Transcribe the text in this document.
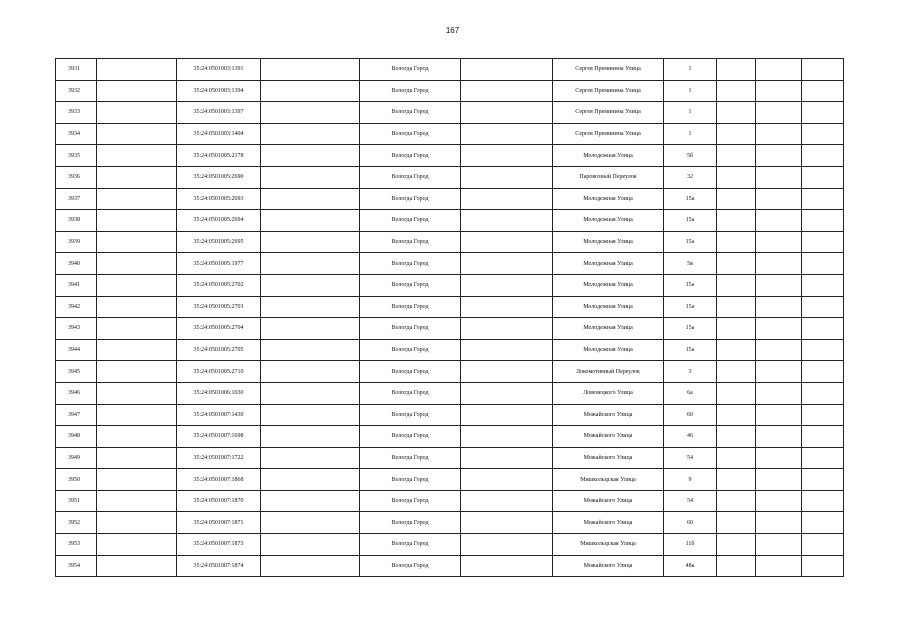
167
3931		35:24:0501003:1391		Вологда Город		Сергея Преминина Улица	1			
3932		35:24:0501003:1394		Вологда Город		Сергея Преминина Улица	1			
3933		35:24:0501003:1397		Вологда Город		Сергея Преминина Улица	1			
3934		35:24:0501003:1404		Вологда Город		Сергея Преминина Улица	1			
3935		35:24:0501005:2178		Вологда Город		Молодежная Улица	5б			
3936		35:24:0501005:2690		Вологда Город		Паровозный Переулок	32			
3937		35:24:0501005:2693		Вологда Город		Молодежная Улица	15а			
3938		35:24:0501005:2694		Вологда Город		Молодежная Улица	15а			
3939		35:24:0501005:2695		Вологда Город		Молодежная Улица	15а			
3940		35:24:0501005:1977		Вологда Город		Молодежная Улица	5в			
3941		35:24:0501005:2702		Вологда Город		Молодежная Улица	15а			
3942		35:24:0501005:2703		Вологда Город		Молодежная Улица	15а			
3943		35:24:0501005:2704		Вологда Город		Молодежная Улица	15а			
3944		35:24:0501005:2705		Вологда Город		Молодежная Улица	15а			
3945		35:24:0501005:2710		Вологда Город		Локомотивный Переулок	3			
3946		35:24:0501006:1030		Вологда Город		Ловенецкого Улица	6а			
3947		35:24:0501007:1430		Вологда Город		Можайского Улица	60			
3948		35:24:0501007:1698		Вологда Город		Можайского Улица	46			
3949		35:24:0501007:1722		Вологда Город		Можайского Улица	54			
3950		35:24:0501007:1868		Вологда Город		Мишкольцская Улица	9			
3951		35:24:0501007:1870		Вологда Город		Можайского Улица	54			
3952		35:24:0501007:1871		Вологда Город		Можайского Улица	60			
3953		35:24:0501007:1873		Вологда Город		Мишкольцская Улица	11б			
3954		35:24:0501007:1874		Вологда Город		Можайского Улица	48а			
